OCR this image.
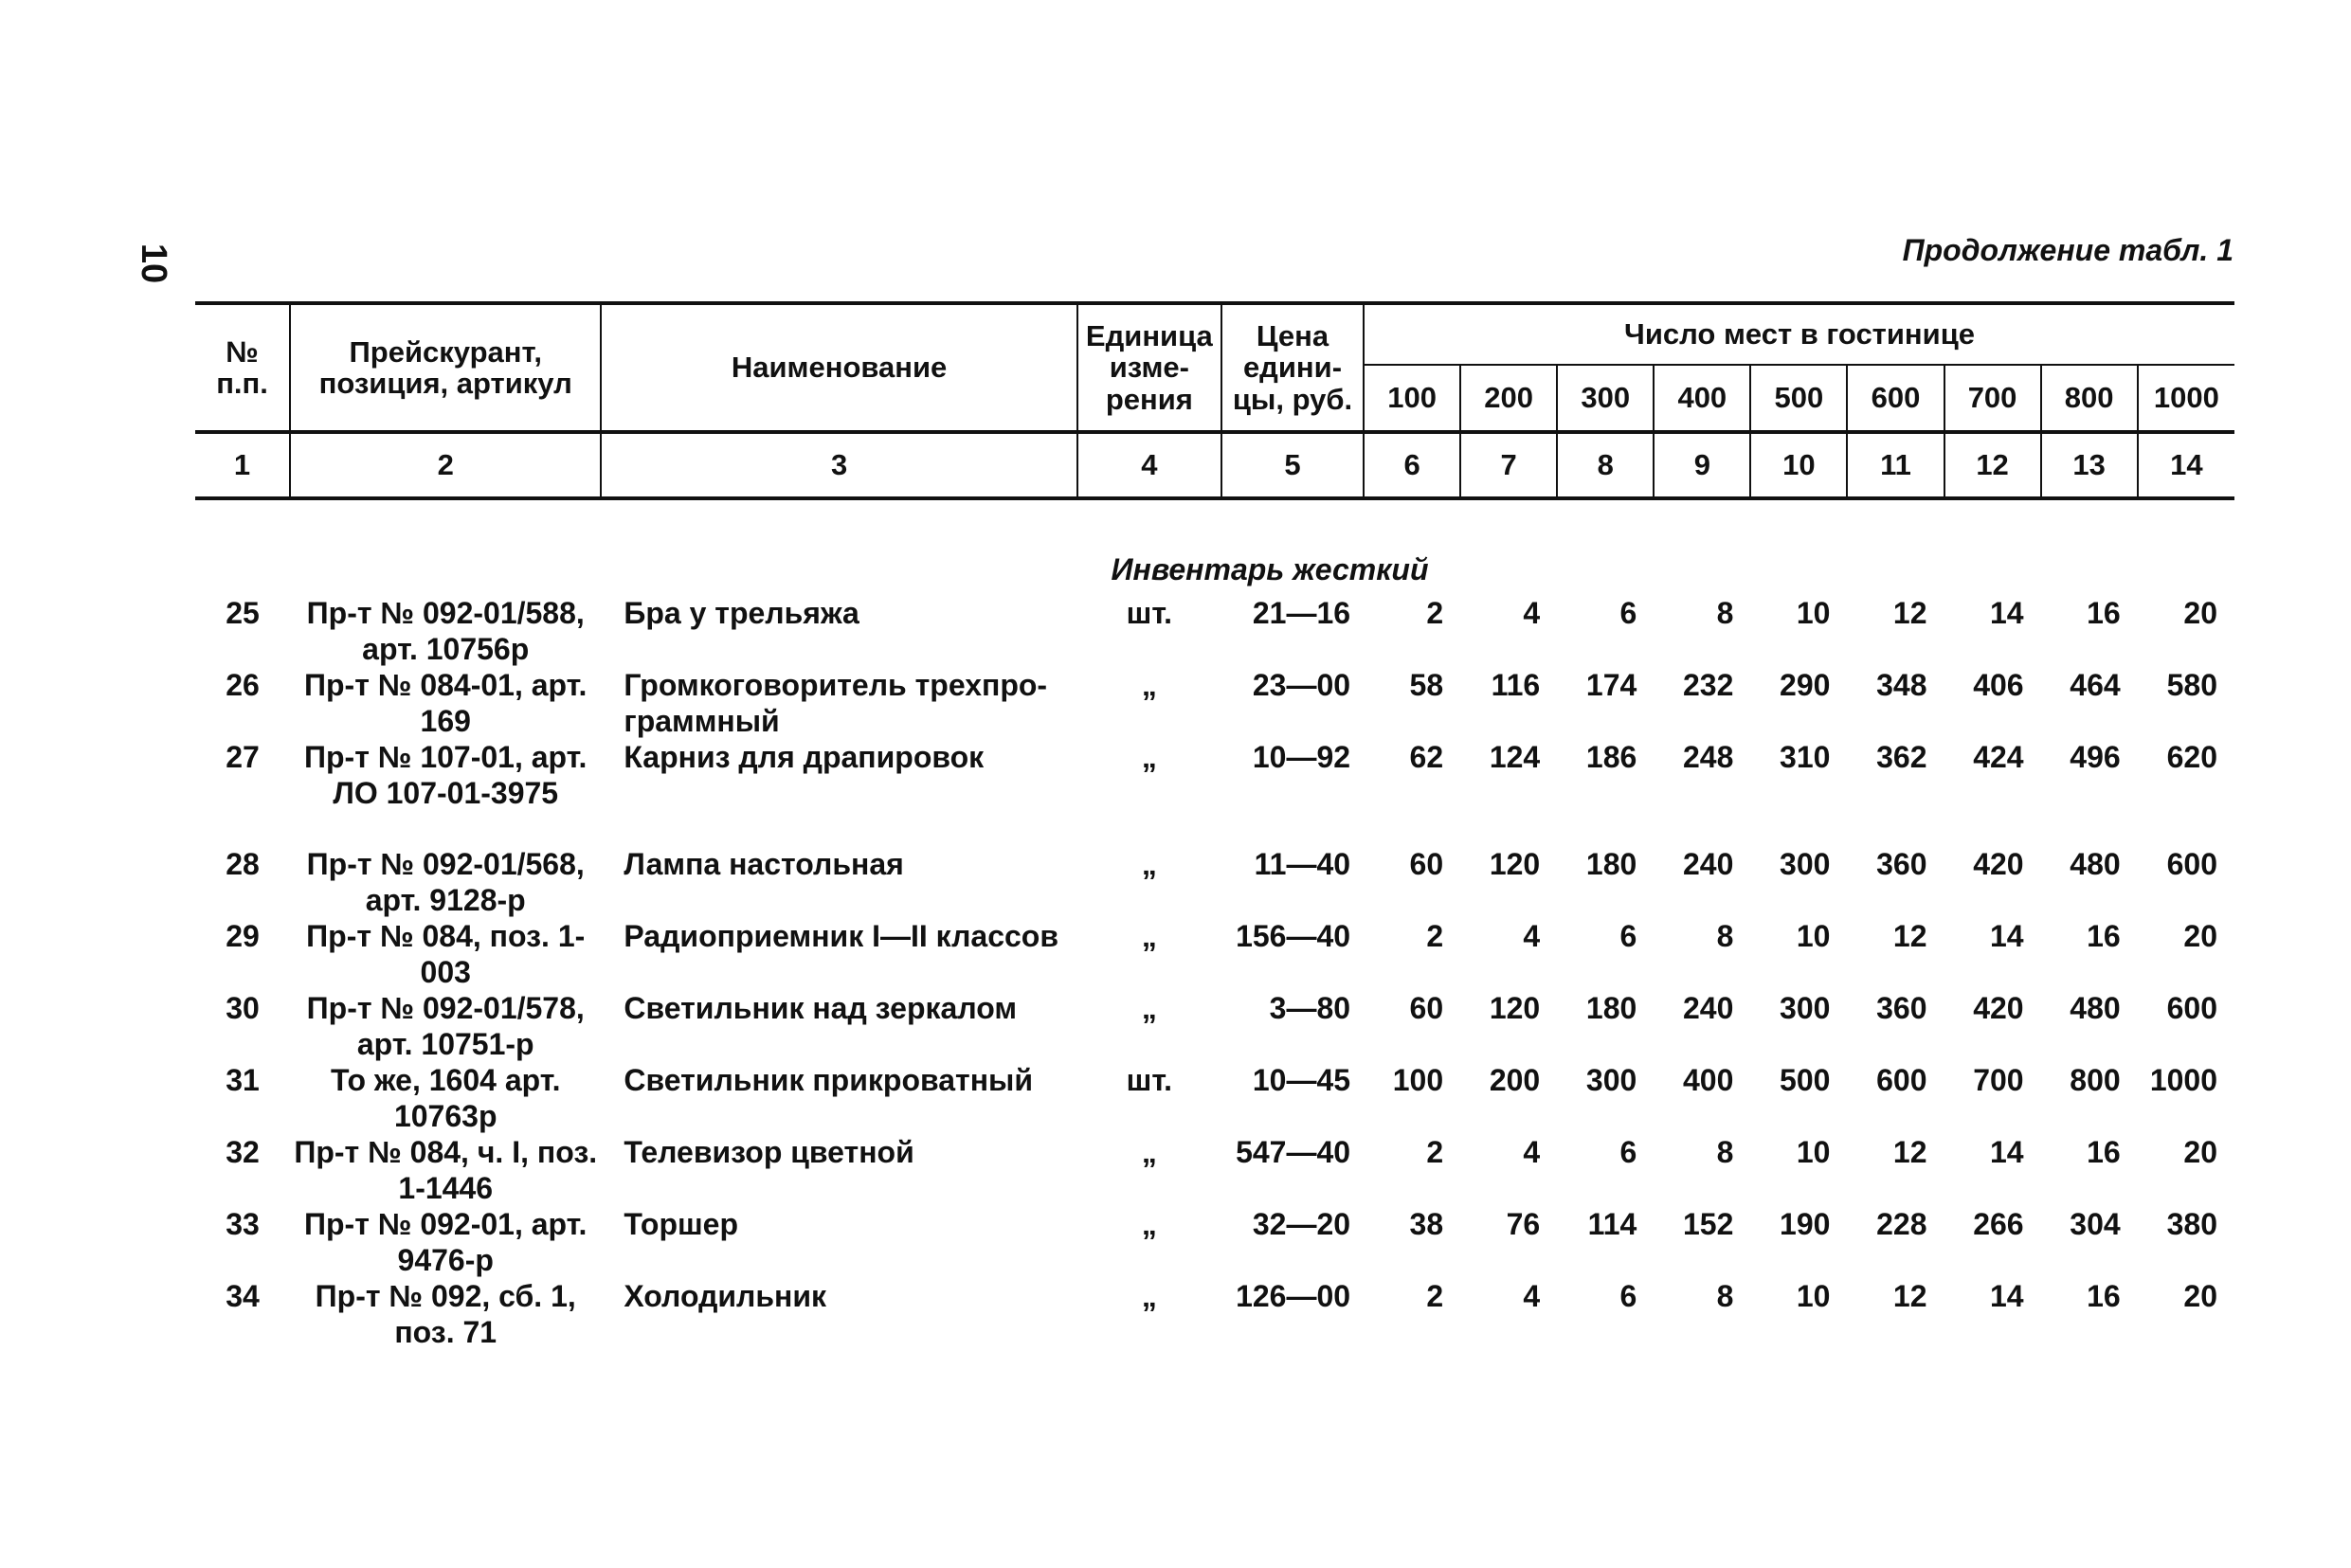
10	Продолжение табл. 1
№ п.п.	Прейскурант, позиция, артикул	Наименование	Единица изме- рения	Цена едини- цы, руб.	Число мест в гостинице								
					100	200	300	400	500	600	700	800	1000
1	2	3	4	5	6	7	8	9	10	11	12	13	14

Инвентарь жесткий													
25	Пр-т № 092-01/588, арт. 10756р	Бра у трельяжа	шт.	21—16	2	4	6	8	10	12	14	16	20
26	Пр-т № 084-01, арт. 169	Громкоговоритель трехпро- граммный	„	23—00	58	116	174	232	290	348	406	464	580
27	Пр-т № 107-01, арт. ЛО 107-01-3975	Карниз для драпировок	„	10—92	62	124	186	248	310	362	424	496	620
28	Пр-т № 092-01/568, арт. 9128-р	Лампа настольная	„	11—40	60	120	180	240	300	360	420	480	600
29	Пр-т № 084, поз. 1-003	Радиоприемник I—II классов	„	156—40	2	4	6	8	10	12	14	16	20
30	Пр-т № 092-01/578, арт. 10751-р	Светильник над зеркалом	„	3—80	60	120	180	240	300	360	420	480	600
31	То же, 1604 арт. 10763р	Светильник прикроватный	шт.	10—45	100	200	300	400	500	600	700	800	1000
32	Пр-т № 084, ч. I, поз. 1-1446	Телевизор цветной	„	547—40	2	4	6	8	10	12	14	16	20
33	Пр-т № 092-01, арт. 9476-р	Торшер	„	32—20	38	76	114	152	190	228	266	304	380
34	Пр-т № 092, сб. 1, поз. 71	Холодильник	„	126—00	2	4	6	8	10	12	14	16	20
